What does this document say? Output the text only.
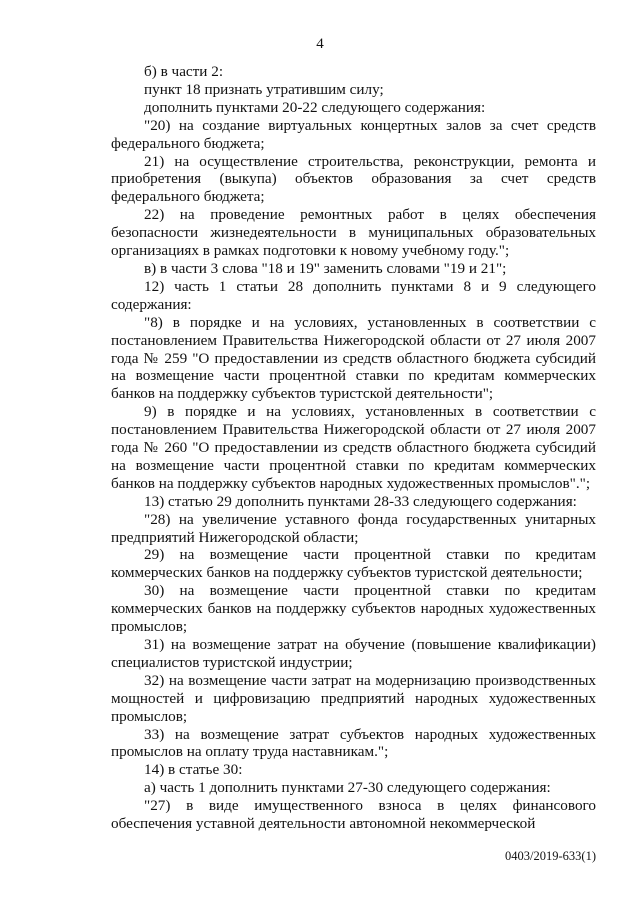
4

б) в части 2:

пункт 18 признать утратившим силу;

дополнить пунктами 20-22 следующего содержания:

"20) на создание виртуальных концертных залов за счет средств федерального бюджета;

21) на осуществление строительства, реконструкции, ремонта и приобретения (выкупа) объектов образования за счет средств федерального бюджета;

22) на проведение ремонтных работ в целях обеспечения безопасности жизнедеятельности в муниципальных образовательных организациях в рамках подготовки к новому учебному году.";

в) в части 3 слова "18 и 19" заменить словами "19 и 21";

12) часть 1 статьи 28 дополнить пунктами 8 и 9 следующего содержания:

"8) в порядке и на условиях, установленных в соответствии с постановлением Правительства Нижегородской области от 27 июля 2007 года № 259 "О предоставлении из средств областного бюджета субсидий на возмещение части процентной ставки по кредитам коммерческих банков на поддержку субъектов туристской деятельности";

9) в порядке и на условиях, установленных в соответствии с постановлением Правительства Нижегородской области от 27 июля 2007 года № 260 "О предоставлении из средств областного бюджета субсидий на возмещение части процентной ставки по кредитам коммерческих банков на поддержку субъектов народных художественных промыслов".";

13) статью 29 дополнить пунктами 28-33 следующего содержания:

"28) на увеличение уставного фонда государственных унитарных предприятий Нижегородской области;

29) на возмещение части процентной ставки по кредитам коммерческих банков на поддержку субъектов туристской деятельности;

30) на возмещение части процентной ставки по кредитам коммерческих банков на поддержку субъектов народных художественных промыслов;

31) на возмещение затрат на обучение (повышение квалификации) специалистов туристской индустрии;

32) на возмещение части затрат на модернизацию производственных мощностей и цифровизацию предприятий народных художественных промыслов;

33) на возмещение затрат субъектов народных художественных промыслов на оплату труда наставникам.";

14) в статье 30:

а) часть 1 дополнить пунктами 27-30 следующего содержания:

"27) в виде имущественного взноса в целях финансового обеспечения уставной деятельности автономной некоммерческой

0403/2019-633(1)
